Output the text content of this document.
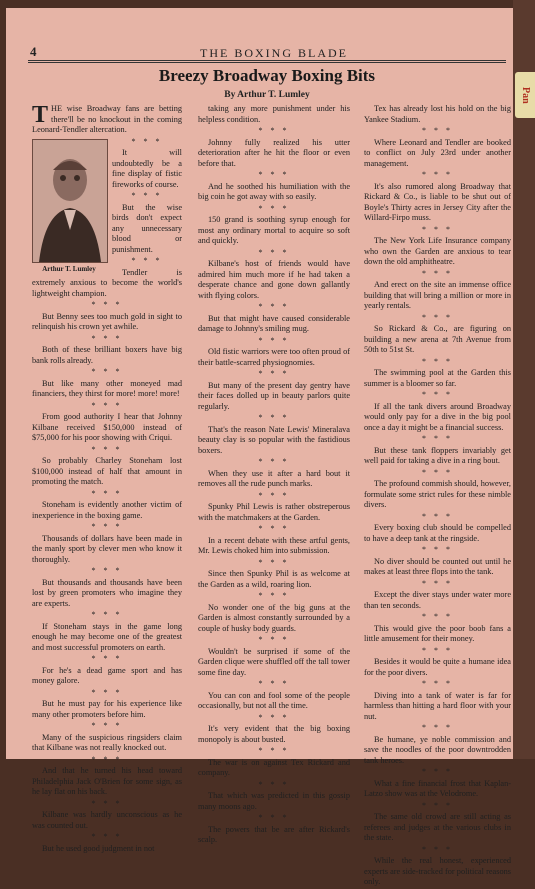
Pan
4	THE BOXING BLADE
Breezy Broadway Boxing Bits
By Arthur T. Lumley

THE wise Broadway fans are betting there'll be no knockout in the coming Leonard-Tendler altercation.

Arthur T. Lumley

* * *

It will undoubtedly be a fine display of fistic fireworks of course.

* * *

But the wise birds don't expect any unnecessary blood or punishment.

* * *

Tendler is extremely anxious to become the world's lightweight champion.

* * *

But Benny sees too much gold in sight to relinquish his crown yet awhile.

* * *

Both of these brilliant boxers have big bank rolls already.

* * *

But like many other moneyed mad financiers, they thirst for more! more! more!

* * *

From good authority I hear that Johnny Kilbane received $150,000 instead of $75,000 for his poor showing with Criqui.

* * *

So probably Charley Stoneham lost $100,000 instead of half that amount in promoting the match.

* * *

Stoneham is evidently another victim of inexperience in the boxing game.

* * *

Thousands of dollars have been made in the manly sport by clever men who know it thoroughly.

* * *

But thousands and thousands have been lost by green promoters who imagine they are experts.

* * *

If Stoneham stays in the game long enough he may become one of the greatest and most successful promoters on earth.

* * *

For he's a dead game sport and has money galore.

* * *

But he must pay for his experience like many other promoters before him.

* * *

Many of the suspicious ringsiders claim that Kilbane was not really knocked out.

* * *

And that he turned his head toward Philadelphia Jack O'Brien for some sign, as he lay flat on his back.

* * *

Kilbane was hardly unconscious as he was counted out.

* * *

But he used good judgment in not

taking any more punishment under his helpless condition.

* * *

Johnny fully realized his utter deterioration after he hit the floor or even before that.

* * *

And he soothed his humiliation with the big coin he got away with so easily.

* * *

150 grand is soothing syrup enough for most any ordinary mortal to acquire so soft and quickly.

* * *

Kilbane's host of friends would have admired him much more if he had taken a desperate chance and gone down gallantly with flying colors.

* * *

But that might have caused considerable damage to Johnny's smiling mug.

* * *

Old fistic warriors were too often proud of their battle-scarred physiognomies.

* * *

But many of the present day gentry have their faces dolled up in beauty parlors quite regularly.

* * *

That's the reason Nate Lewis' Mineralava beauty clay is so popular with the fastidious boxers.

* * *

When they use it after a hard bout it removes all the rude punch marks.

* * *

Spunky Phil Lewis is rather obstreperous with the matchmakers at the Garden.

* * *

In a recent debate with these artful gents, Mr. Lewis choked him into submission.

* * *

Since then Spunky Phil is as welcome at the Garden as a wild, roaring lion.

* * *

No wonder one of the big guns at the Garden is almost constantly surrounded by a couple of husky body guards.

* * *

Wouldn't be surprised if some of the Garden clique were shuffled off the tall tower some fine day.

* * *

You can con and fool some of the people occasionally, but not all the time.

* * *

It's very evident that the big boxing monopoly is about busted.

* * *

The war is on against Tex Rickard and company.

* * *

That which was predicted in this gossip many moons ago.

* * *

The powers that be are after Rickard's scalp.

Tex has already lost his hold on the big Yankee Stadium.

* * *

Where Leonard and Tendler are booked to conflict on July 23rd under another management.

* * *

It's also rumored along Broadway that Rickard & Co., is liable to be shut out of Boyle's Thirty acres in Jersey City after the Willard-Firpo muss.

* * *

The New York Life Insurance company who own the Garden are anxious to tear down the old amphitheatre.

* * *

And erect on the site an immense office building that will bring a million or more in yearly rentals.

* * *

So Rickard & Co., are figuring on building a new arena at 7th Avenue from 50th to 51st St.

* * *

The swimming pool at the Garden this summer is a bloomer so far.

* * *

If all the tank divers around Broadway would only pay for a dive in the big pool once a day it might be a financial success.

* * *

But these tank floppers invariably get well paid for taking a dive in a ring bout.

* * *

The profound commish should, however, formulate some strict rules for these nimble divers.

* * *

Every boxing club should be compelled to have a deep tank at the ringside.

* * *

No diver should be counted out until he makes at least three flops into the tank.

* * *

Except the diver stays under water more than ten seconds.

* * *

This would give the poor boob fans a little amusement for their money.

* * *

Besides it would be quite a humane idea for the poor divers.

* * *

Diving into a tank of water is far for harmless than hitting a hard floor with your nut.

* * *

Be humane, ye noble commission and save the noodles of the poor downtrodden tank heroes.

* * *

What a fine financial frost that Kaplan-Latzo show was at the Velodrome.

* * *

The same old crowd are still acting as referees and judges at the various clubs in the state.

* * *

While the real honest, experienced experts are side-tracked for political reasons only.
